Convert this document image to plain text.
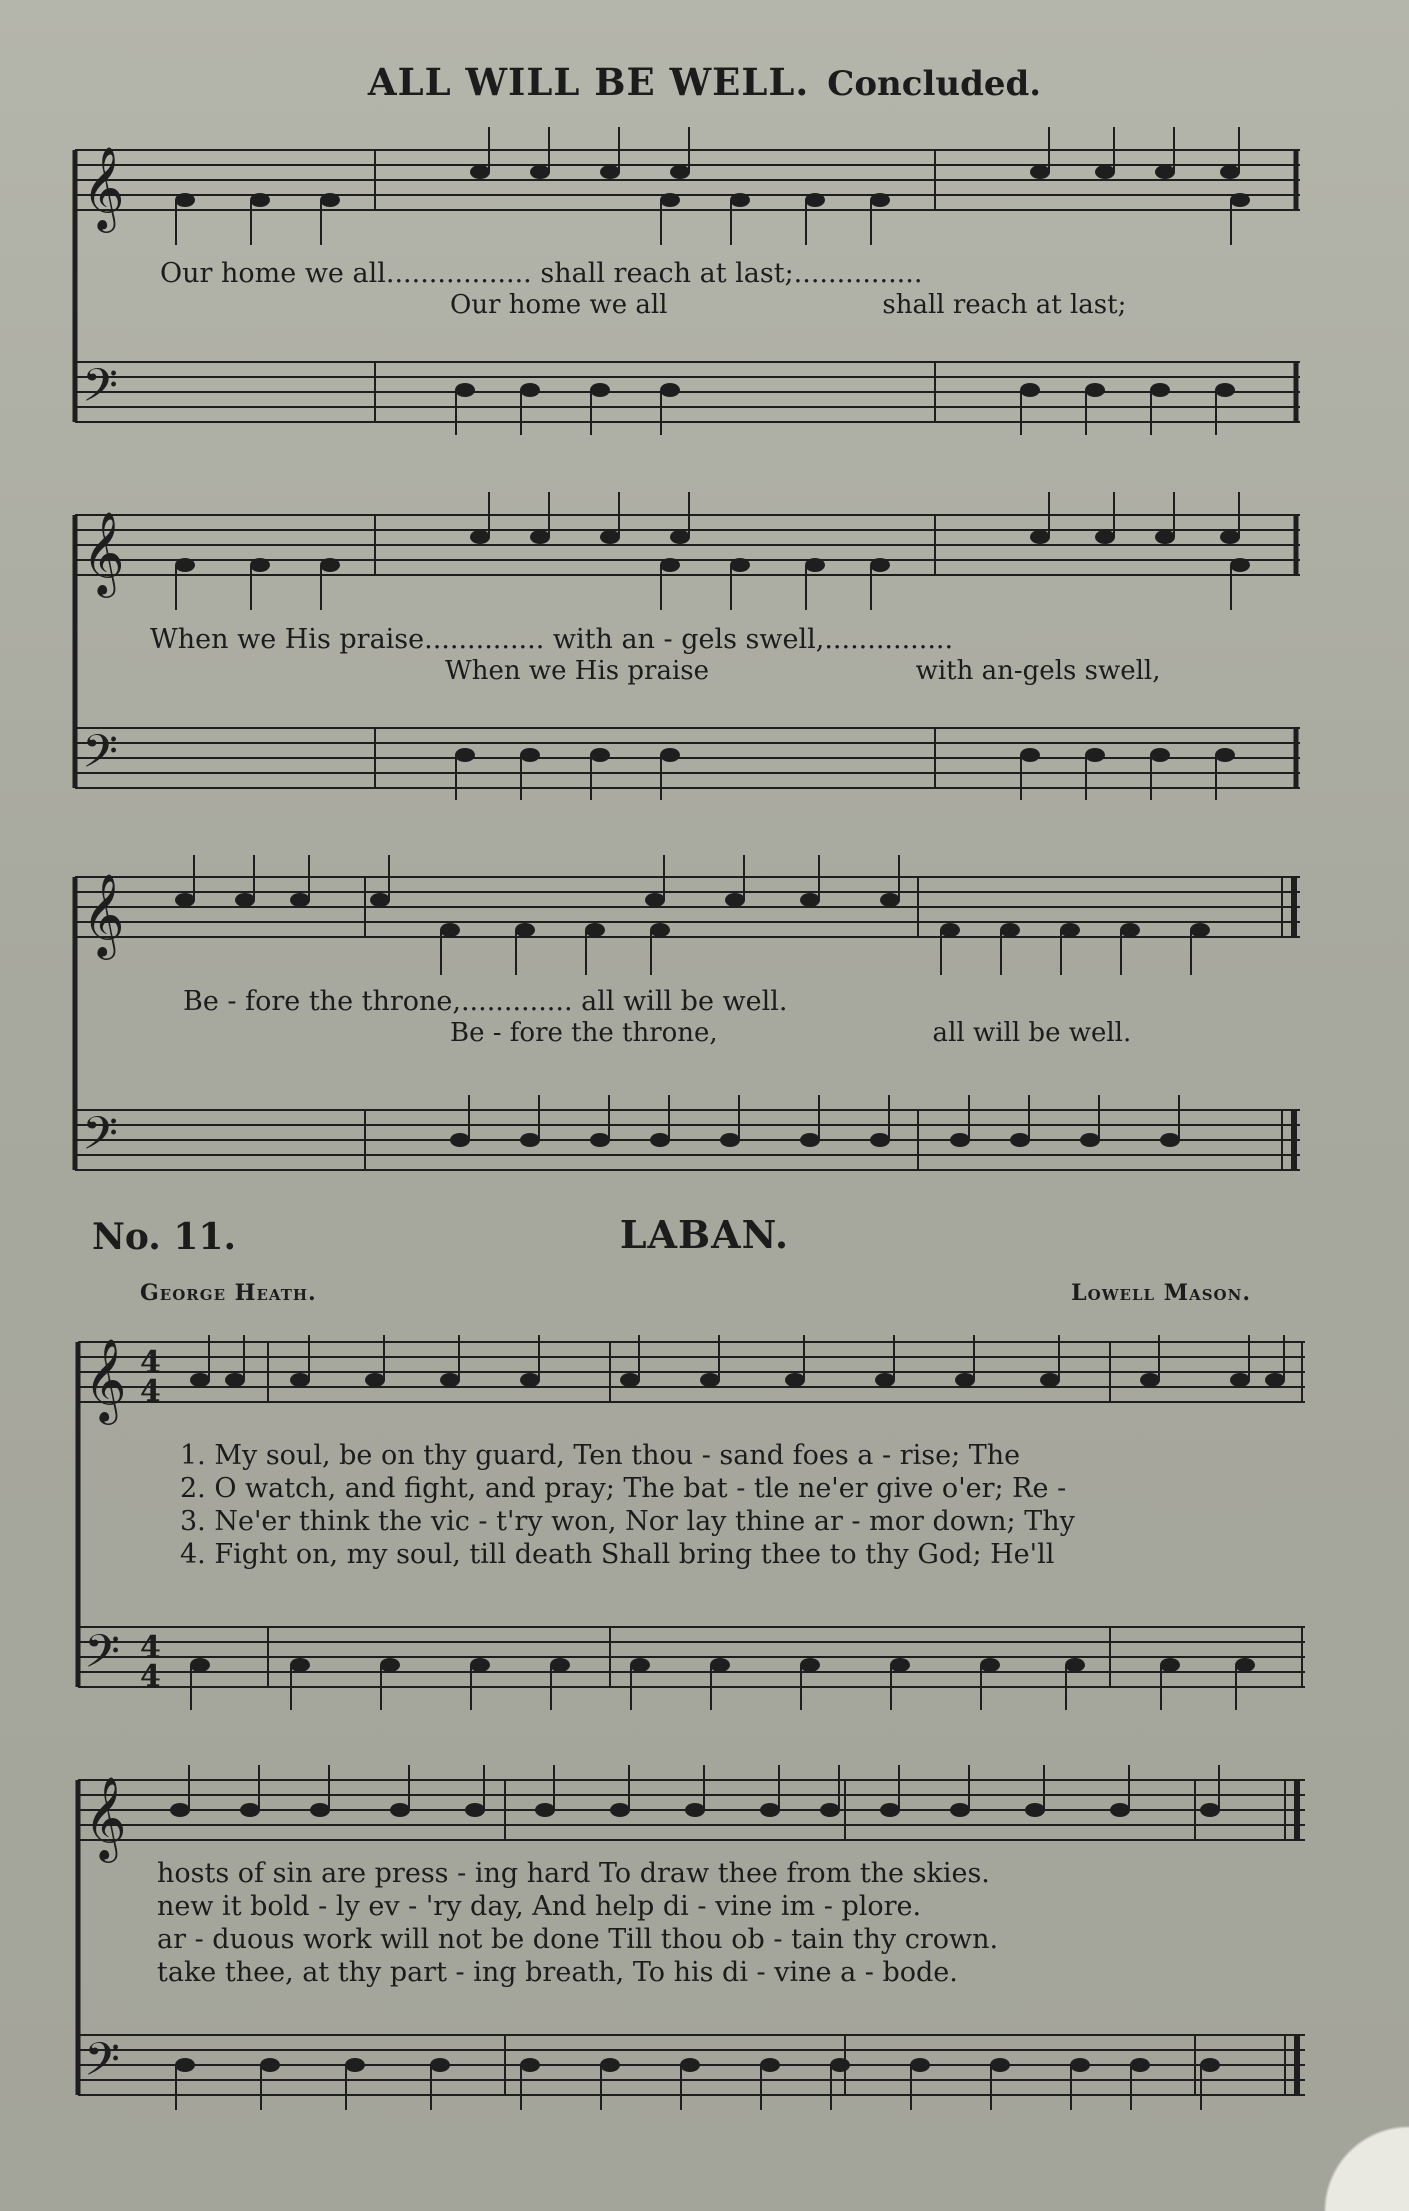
ALL WILL BE WELL. Concluded.
𝄞
𝄢
𝄞
𝄢
𝄞
𝄢
𝄞
𝄢
𝄞
𝄢
4
4
4
4
Our home we all................. shall reach at last;...............
Our home we all                          shall reach at last;
When we His praise.............. with an - gels swell,...............
When we His praise                         with an-gels swell,
Be - fore the throne,............. all will be well.
Be - fore the throne,                          all will be well.
No. 11.	LABAN.
George Heath.	Lowell Mason.
1. My soul, be on thy guard, Ten thou - sand foes a - rise; The
2. O watch, and fight, and pray; The bat - tle ne'er give o'er; Re -
3. Ne'er think the vic - t'ry won, Nor lay thine ar - mor down; Thy
4. Fight on, my soul, till death Shall bring thee to thy God; He'll
hosts of sin are press - ing hard To draw thee from the skies.
new it bold - ly ev - 'ry day, And help di - vine im - plore.
ar - duous work will not be done Till thou ob - tain thy crown.
take thee, at thy part - ing breath, To his di - vine a - bode.
